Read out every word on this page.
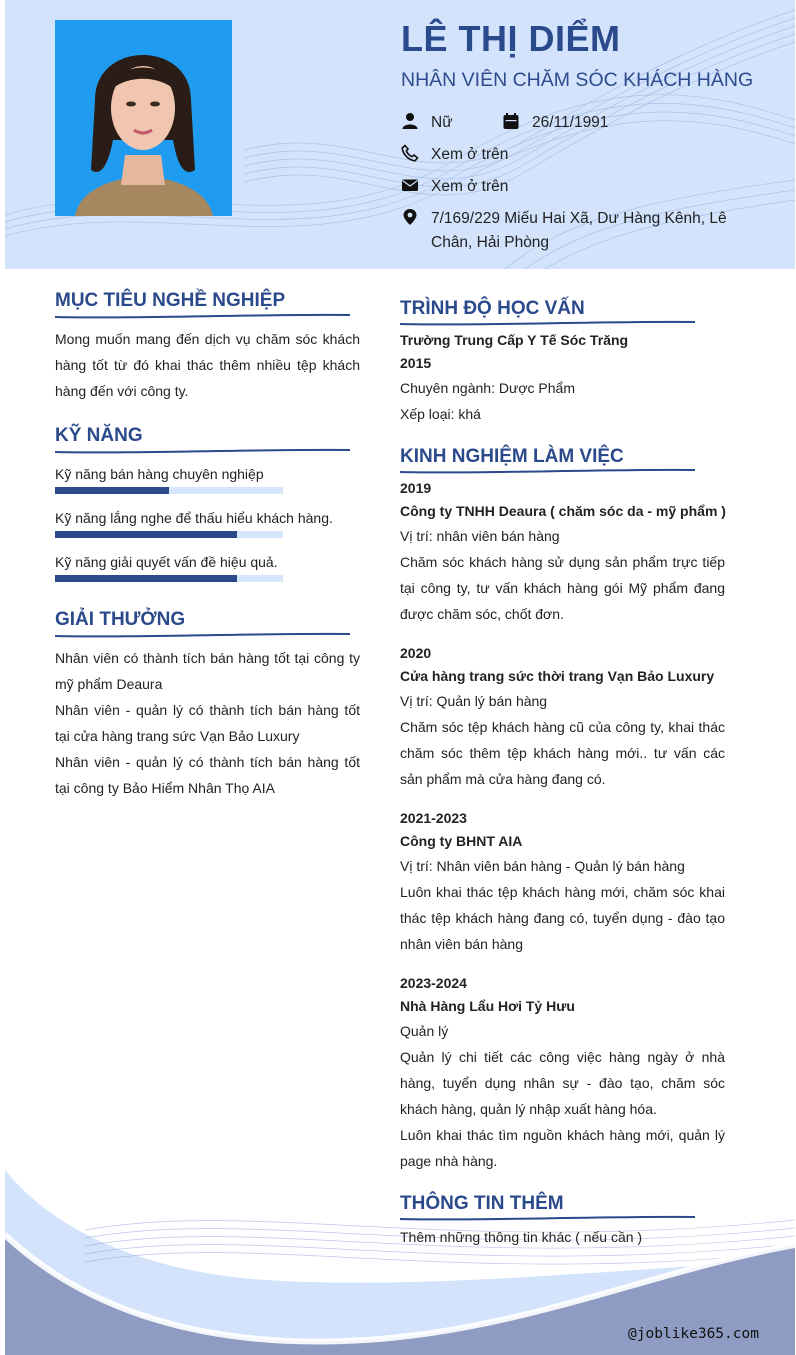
LÊ THỊ DIỂM
NHÂN VIÊN CHĂM SÓC KHÁCH HÀNG
Nữ	26/11/1991
Xem ở trên
Xem ở trên
7/169/229 Miếu Hai Xã, Dư Hàng Kênh, Lê Chân, Hải Phòng
MỤC TIÊU NGHỀ NGHIỆP
Mong muốn mang đến dịch vụ chăm sóc khách hàng tốt từ đó khai thác thêm nhiều tệp khách hàng đến với công ty.
KỸ NĂNG
Kỹ năng bán hàng chuyên nghiệp
Kỹ năng lắng nghe để thấu hiểu khách hàng.
Kỹ năng giải quyết vấn đề hiệu quả.
GIẢI THƯỞNG
Nhân viên có thành tích bán hàng tốt tại công ty mỹ phẩm Deaura
Nhân viên - quản lý có thành tích bán hàng tốt tại cửa hàng trang sức Vạn Bảo Luxury
Nhân viên - quản lý có thành tích bán hàng tốt tại công ty Bảo Hiểm Nhân Thọ AIA
TRÌNH ĐỘ HỌC VẤN
Trường Trung Cấp Y Tế Sóc Trăng
2015
Chuyên ngành: Dược Phẩm
Xếp loại: khá
KINH NGHIỆM LÀM VIỆC
2019
Công ty TNHH Deaura ( chăm sóc da - mỹ phẩm )
Vị trí: nhân viên bán hàng
Chăm sóc khách hàng sử dụng sản phẩm trực tiếp tại công ty, tư vấn khách hàng gói Mỹ phẩm đang được chăm sóc, chốt đơn.
2020
Cửa hàng trang sức thời trang Vạn Bảo Luxury
Vị trí: Quản lý bán hàng
Chăm sóc tệp khách hàng cũ của công ty, khai thác chăm sóc thêm tệp khách hàng mới.. tư vấn các sản phẩm mà cửa hàng đang có.
2021-2023
Công ty BHNT AIA
Vị trí: Nhân viên bán hàng - Quản lý bán hàng
Luôn khai thác tệp khách hàng mới, chăm sóc khai thác tệp khách hàng đang có, tuyển dụng - đào tạo nhân viên bán hàng
2023-2024
Nhà Hàng Lẩu Hơi Tỷ Hưu
Quản lý
Quản lý chi tiết các công việc hàng ngày ở nhà hàng, tuyển dụng nhân sự - đào tạo, chăm sóc khách hàng, quản lý nhập xuất hàng hóa.
Luôn khai thác tìm nguồn khách hàng mới, quản lý page nhà hàng.
THÔNG TIN THÊM
Thêm những thông tin khác ( nếu cần )
@joblike365.com
